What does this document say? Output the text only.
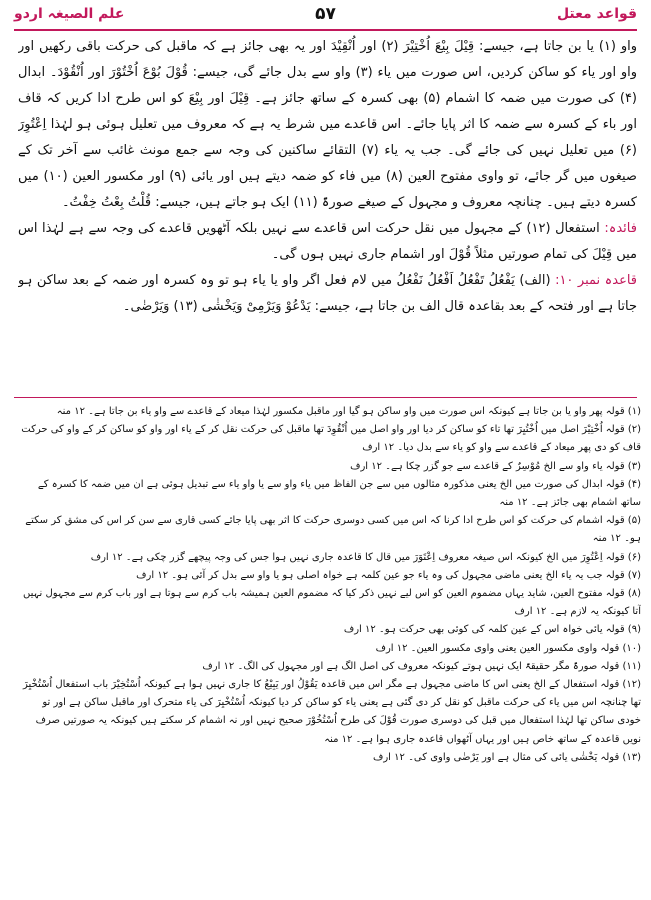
علم الصیغہ اردو	۵۷	قواعد معتل

واو (۱) یا بن جاتا ہے، جیسے: قِیْلَ بِیْعَ اُخْتِیْرَ (۲) اور اُنْقِیْدَ اور یہ بھی جائز ہے کہ ماقبل کی حرکت باقی رکھیں اور واو اور یاء کو ساکن کردیں، اس صورت میں یاء (۳) واو سے بدل جائے گی، جیسے: قُوْلَ بُوْعَ اُخْتُوْرَ اور اُنْقُوْدَ۔ ابدال (۴) کی صورت میں ضمہ کا اشمام (۵) بھی کسرہ کے ساتھ جائز ہے۔ قِیْلَ اور بِیْعَ کو اس طرح ادا کریں کہ قاف اور باء کے کسرہ سے ضمہ کا اثر پایا جائے۔ اس قاعدے میں شرط یہ ہے کہ معروف میں تعلیل ہوئی ہو لہٰذا اِعْتُوِرَ (۶) میں تعلیل نہیں کی جائے گی۔ جب یہ یاء (۷) التقائے ساکنین کی وجہ سے جمع مونث غائب سے آخر تک کے صیغوں میں گر جائے، تو واوی مفتوح العین (۸) میں فاء کو ضمہ دیتے ہیں اور یائی (۹) اور مکسور العین (۱۰) میں کسرہ دیتے ہیں۔ چنانچہ معروف و مجہول کے صیغے صورۃً (۱۱) ایک ہو جاتے ہیں، جیسے: قُلْتُ بِعْتُ خِفْتُ۔

فائدہ: استفعال (۱۲) کے مجہول میں نقل حرکت اس قاعدے سے نہیں بلکہ آٹھویں قاعدے کی وجہ سے ہے لہٰذا اس میں قِیْلَ کی تمام صورتیں مثلاً قُوْلَ اور اشمام جاری نہیں ہوں گی۔

قاعدہ نمبر ۱۰: (الف) یَفْعُلُ تَفْعُلُ اَفْعُلُ نَفْعُلُ میں لام فعل اگر واو یا یاء ہو تو وہ کسرہ اور ضمہ کے بعد ساکن ہو جاتا ہے اور فتحہ کے بعد بقاعدہ قال الف بن جاتا ہے، جیسے: یَدْعُوْ وَیَرْمِیْ وَیَخْشٰی (۱۳) وَیَرْضٰی۔

(۱) قولہ پھر واو یا بن جاتا ہے کیونکہ اس صورت میں واو ساکن ہو گیا اور ماقبل مکسور لہٰذا میعاد کے قاعدے سے واو یاء بن جاتا ہے۔ ۱۲ منہ

(۲) قولہ اُخْتِیْرَ اصل میں اُخْتُیِرَ تھا تاء کو ساکن کر دیا اور واو اصل میں اُنْقُوِدَ تھا ماقبل کی حرکت نقل کر کے یاء اور واو کو ساکن کر کے واو کی حرکت قاف کو دی پھر میعاد کے قاعدے سے واو کو یاء سے بدل دیا۔ ۱۲ ارف

(۳) قولہ یاء واو سے الخ مُوْسِرٌ کے قاعدے سے جو گزر چکا ہے۔ ۱۲ ارف

(۴) قولہ ابدال کی صورت میں الخ یعنی مذکورہ مثالوں میں سے جن الفاظ میں یاء واو سے یا واو یاء سے تبدیل ہوئی ہے ان میں ضمہ کا کسرہ کے ساتھ اشمام بھی جائز ہے۔ ۱۲ منہ

(۵) قولہ اشمام کی حرکت کو اس طرح ادا کرنا کہ اس میں کسی دوسری حرکت کا اثر بھی پایا جائے کسی قاری سے سن کر اس کی مشق کر سکتے ہو۔ ۱۲ منہ

(۶) قولہ اِعْتُوِرَ میں الخ کیونکہ اس صیغہ معروف اِعْتَوَرَ میں قال کا قاعدہ جاری نہیں ہوا جس کی وجہ پیچھے گزر چکی ہے۔ ۱۲ ارف

(۷) قولہ جب یہ یاء الخ یعنی ماضی مجہول کی وہ یاء جو عین کلمہ ہے خواہ اصلی ہو یا واو سے بدل کر آئی ہو۔ ۱۲ ارف

(۸) قولہ مفتوح العین، شاید یہاں مضموم العین کو اس لیے نہیں ذکر کیا کہ مضموم العین ہمیشہ باب کرم سے ہوتا ہے اور باب کرم سے مجہول نہیں آتا کیونکہ یہ لازم ہے۔ ۱۲ ارف

(۹) قولہ یائی خواہ اس کے عین کلمہ کی کوئی بھی حرکت ہو۔ ۱۲ ارف

(۱۰) قولہ واوی مکسور العین یعنی واوی مکسور العین۔ ۱۲ ارف

(۱۱) قولہ صورۃً مگر حقیقۃً ایک نہیں ہوتے کیونکہ معروف کی اصل الگ ہے اور مجہول کی الگ۔ ۱۲ ارف

(۱۲) قولہ استفعال کے الخ یعنی اس کا ماضی مجہول ہے مگر اس میں قاعدہ یَقُوْلُ اور یَبِیْعُ کا جاری نہیں ہوا ہے کیونکہ اُسْتُخِیْرَ باب استفعال اُسْتُخْیِرَ تھا چنانچہ اس میں یاء کی حرکت ماقبل کو نقل کر دی گئی ہے یعنی یاء کو ساکن کر دیا کیونکہ اُسْتُخْیِرَ کی یاء متحرک اور ماقبل ساکن ہے اور تو خودی ساکن تھا لہٰذا استفعال میں قبل کی دوسری صورت قُوْلَ کی طرح اُسْتُخُوْرَ صحیح نہیں اور نہ اشمام کر سکتے ہیں کیونکہ یہ صورتیں صرف نویں قاعدہ کے ساتھ خاص ہیں اور یہاں آٹھواں قاعدہ جاری ہوا ہے۔ ۱۲ منہ

(۱۳) قولہ یَخْشٰی یائی کی مثال ہے اور یَرْضٰی واوی کی۔ ۱۲ ارف
